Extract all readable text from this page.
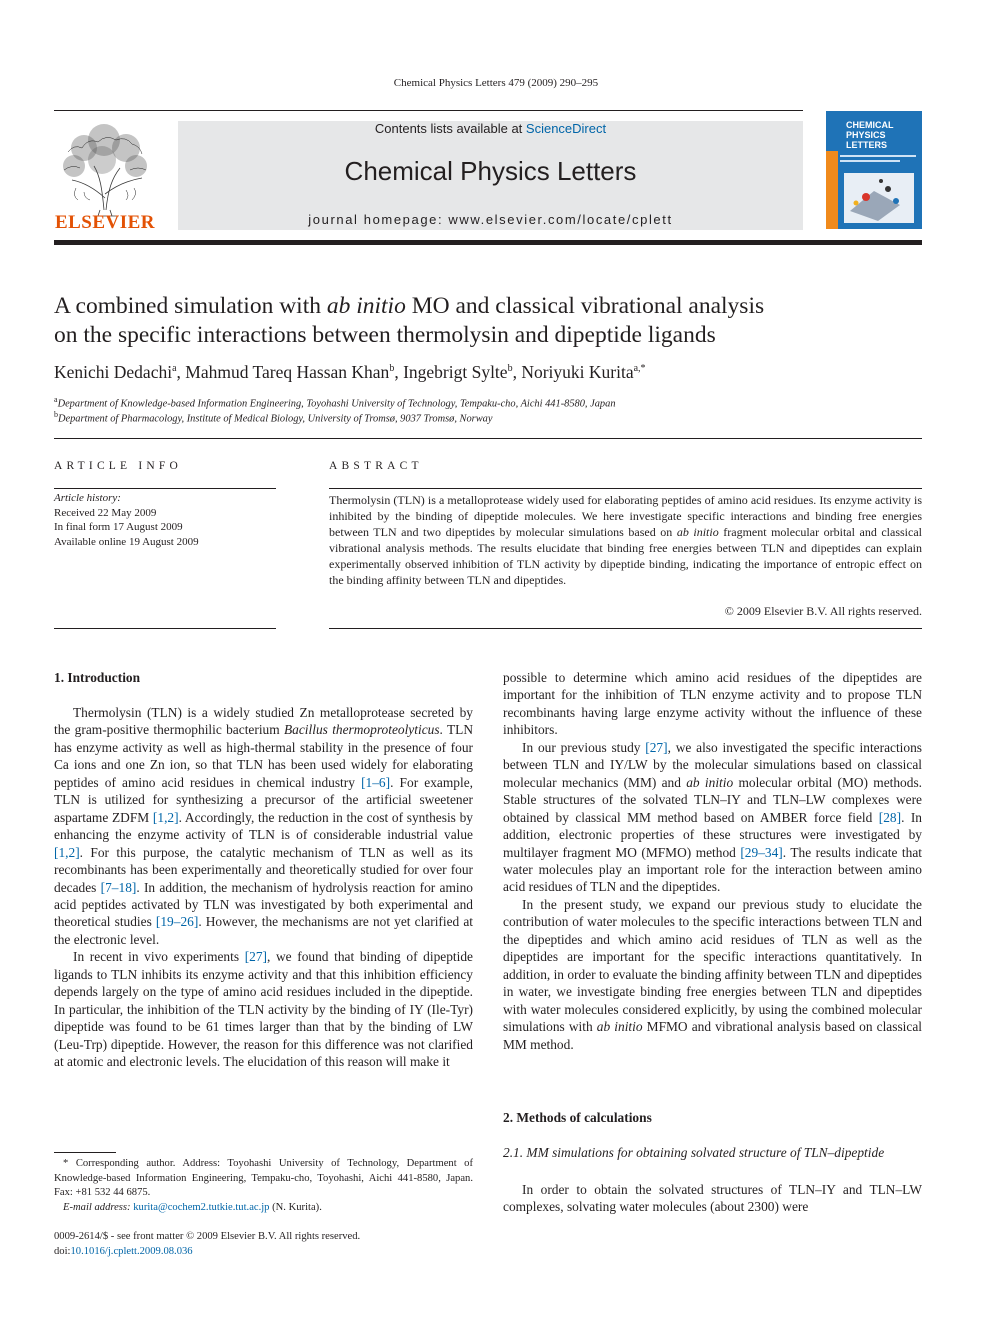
Chemical Physics Letters 479 (2009) 290–295
ELSEVIER
Contents lists available at ScienceDirect
Chemical Physics Letters
journal homepage: www.elsevier.com/locate/cplett
CHEMICAL
PHYSICS
LETTERS
A combined simulation with ab initio MO and classical vibrational analysis
on the specific interactions between thermolysin and dipeptide ligands
Kenichi Dedachi$^a$, Mahmud Tareq Hassan Khan$^b$, Ingebrigt Sylte$^b$, Noriyuki Kurita$^{a,*}$
$^a$Department of Knowledge-based Information Engineering, Toyohashi University of Technology, Tempaku-cho, Aichi 441-8580, Japan
$^b$Department of Pharmacology, Institute of Medical Biology, University of Tromsø, 9037 Tromsø, Norway
ARTICLE INFO	ABSTRACT
Article history:
Received 22 May 2009
In final form 17 August 2009
Available online 19 August 2009
Thermolysin (TLN) is a metalloprotease widely used for elaborating peptides of amino acid residues. Its enzyme activity is inhibited by the binding of dipeptide molecules. We here investigate specific interactions and binding free energies between TLN and two dipeptides by molecular simulations based on ab initio fragment molecular orbital and classical vibrational analysis methods. The results elucidate that binding free energies between TLN and dipeptides can explain experimentally observed inhibition of TLN activity by dipeptide binding, indicating the importance of entropic effect on the binding affinity between TLN and dipeptides.
© 2009 Elsevier B.V. All rights reserved.
1. Introduction

Thermolysin (TLN) is a widely studied Zn metalloprotease secreted by the gram-positive thermophilic bacterium Bacillus thermoproteolyticus. TLN has enzyme activity as well as high-thermal stability in the presence of four Ca ions and one Zn ion, so that TLN has been used widely for elaborating peptides of amino acid residues in chemical industry [1–6]. For example, TLN is utilized for synthesizing a precursor of the artificial sweetener aspartame ZDFM [1,2]. Accordingly, the reduction in the cost of synthesis by enhancing the enzyme activity of TLN is of considerable industrial value [1,2]. For this purpose, the catalytic mechanism of TLN as well as its recombinants has been experimentally and theoretically studied for over four decades [7–18]. In addition, the mechanism of hydrolysis reaction for amino acid peptides activated by TLN was investigated by both experimental and theoretical studies [19–26]. However, the mechanisms are not yet clarified at the electronic level.

In recent in vivo experiments [27], we found that binding of dipeptide ligands to TLN inhibits its enzyme activity and that this inhibition efficiency depends largely on the type of amino acid residues included in the dipeptide. In particular, the inhibition of the TLN activity by the binding of IY (Ile-Tyr) dipeptide was found to be 61 times larger than that by the binding of LW (Leu-Trp) dipeptide. However, the reason for this difference was not clarified at atomic and electronic levels. The elucidation of this reason will make it

possible to determine which amino acid residues of the dipeptides are important for the inhibition of TLN enzyme activity and to propose TLN recombinants having large enzyme activity without the influence of these inhibitors.

In our previous study [27], we also investigated the specific interactions between TLN and IY/LW by the molecular simulations based on classical molecular mechanics (MM) and ab initio molecular orbital (MO) methods. Stable structures of the solvated TLN–IY and TLN–LW complexes were obtained by classical MM method based on AMBER force field [28]. In addition, electronic properties of these structures were investigated by multilayer fragment MO (MFMO) method [29–34]. The results indicate that water molecules play an important role for the interaction between amino acid residues of TLN and the dipeptides.

In the present study, we expand our previous study to elucidate the contribution of water molecules to the specific interactions between TLN and the dipeptides and which amino acid residues of TLN as well as the dipeptides are important for the specific interactions quantitatively. In addition, in order to evaluate the binding affinity between TLN and dipeptides in water, we investigate binding free energies between TLN and dipeptides with water molecules considered explicitly, by using the combined molecular simulations with ab initio MFMO and vibrational analysis based on classical MM method.

2. Methods of calculations
2.1. MM simulations for obtaining solvated structure of TLN–dipeptide

In order to obtain the solvated structures of TLN–IY and TLN–LW complexes, solvating water molecules (about 2300) were

* Corresponding author. Address: Toyohashi University of Technology, Department of Knowledge-based Information Engineering, Tempaku-cho, Toyohashi, Aichi 441-8580, Japan. Fax: +81 532 44 6875.

E-mail address: kurita@cochem2.tutkie.tut.ac.jp (N. Kurita).

0009-2614/$ - see front matter © 2009 Elsevier B.V. All rights reserved.
doi:10.1016/j.cplett.2009.08.036
